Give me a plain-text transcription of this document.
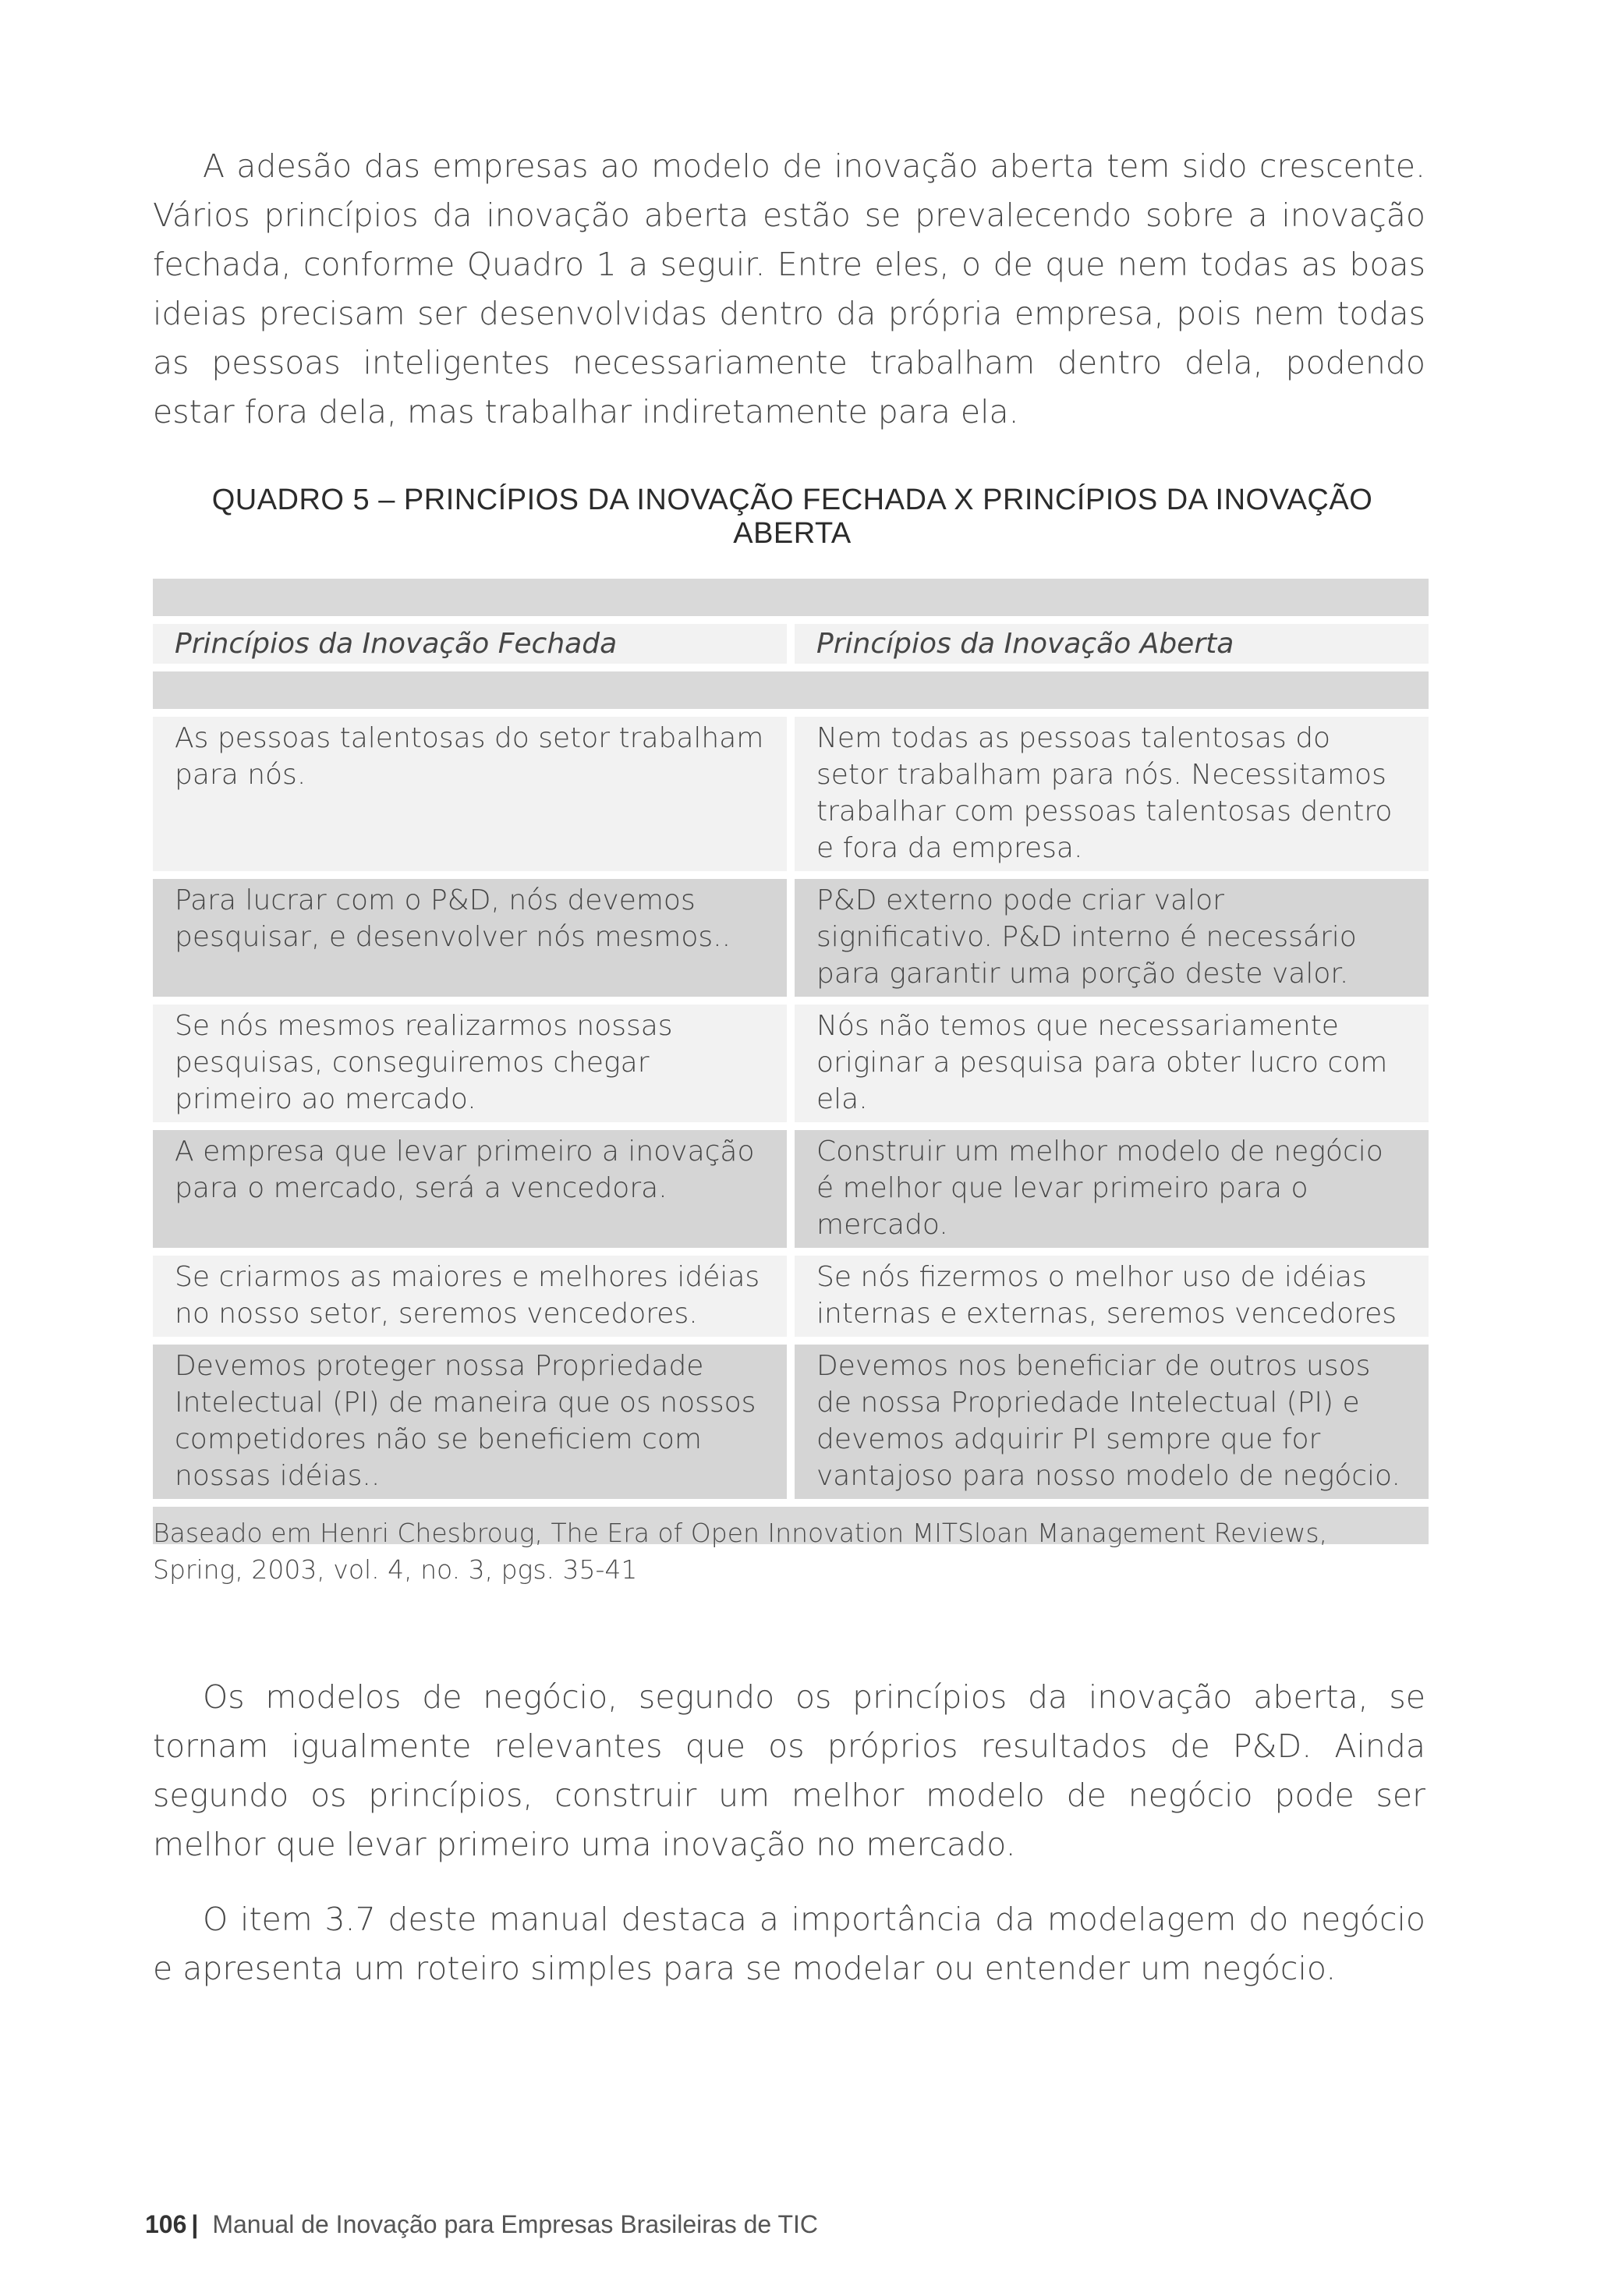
A adesão das empresas ao modelo de inovação aberta tem sido crescente. Vários princípios da inovação aberta estão se prevalecendo sobre a inovação fechada, conforme Quadro 1 a seguir. Entre eles, o de que nem todas as boas ideias precisam ser desenvolvidas dentro da própria empresa, pois nem todas as pessoas inteligentes necessariamente trabalham dentro dela, podendo estar fora dela, mas trabalhar indiretamente para ela.

QUADRO 5 – PRINCÍPIOS DA INOVAÇÃO FECHADA X PRINCÍPIOS DA INOVAÇÃO ABERTA
Princípios da Inovação Fechada	Princípios da Inovação Aberta
As pessoas talentosas do setor trabalham para nós.
Nem todas as pessoas talentosas do setor trabalham para nós. Necessitamos trabalhar com pessoas talentosas dentro e fora da empresa.
Para lucrar com o P&D, nós devemos pesquisar, e desenvolver nós mesmos..
P&D externo pode criar valor significativo. P&D interno é necessário para garantir uma porção deste valor.
Se nós mesmos realizarmos nossas pesquisas, conseguiremos chegar primeiro ao mercado.
Nós não temos que necessariamente originar a pesquisa para obter lucro com ela.
A empresa que levar primeiro a inovação para o mercado, será a vencedora.
Construir um melhor modelo de negócio é melhor que levar primeiro para o mercado.
Se criarmos as maiores e melhores idéias no nosso setor, seremos vencedores.
Se nós fizermos o melhor uso de idéias internas e externas, seremos vencedores
Devemos proteger nossa Propriedade Intelectual (PI) de maneira que os nossos competidores não se beneficiem com nossas idéias..
Devemos nos beneficiar de outros usos de nossa Propriedade Intelectual (PI) e devemos adquirir PI sempre que for vantajoso para nosso modelo de negócio.

Baseado em Henri Chesbroug, The Era of Open Innovation MITSloan Management Reviews, Spring, 2003, vol. 4, no. 3, pgs. 35-41

Os modelos de negócio, segundo os princípios da inovação aberta, se tornam igualmente relevantes que os próprios resultados de P&D. Ainda segundo os princípios, construir um melhor modelo de negócio pode ser melhor que levar primeiro uma inovação no mercado.

O item 3.7 deste manual destaca a importância da modelagem do negócio e apresenta um roteiro simples para se modelar ou entender um negócio.

106 | Manual de Inovação para Empresas Brasileiras de TIC
